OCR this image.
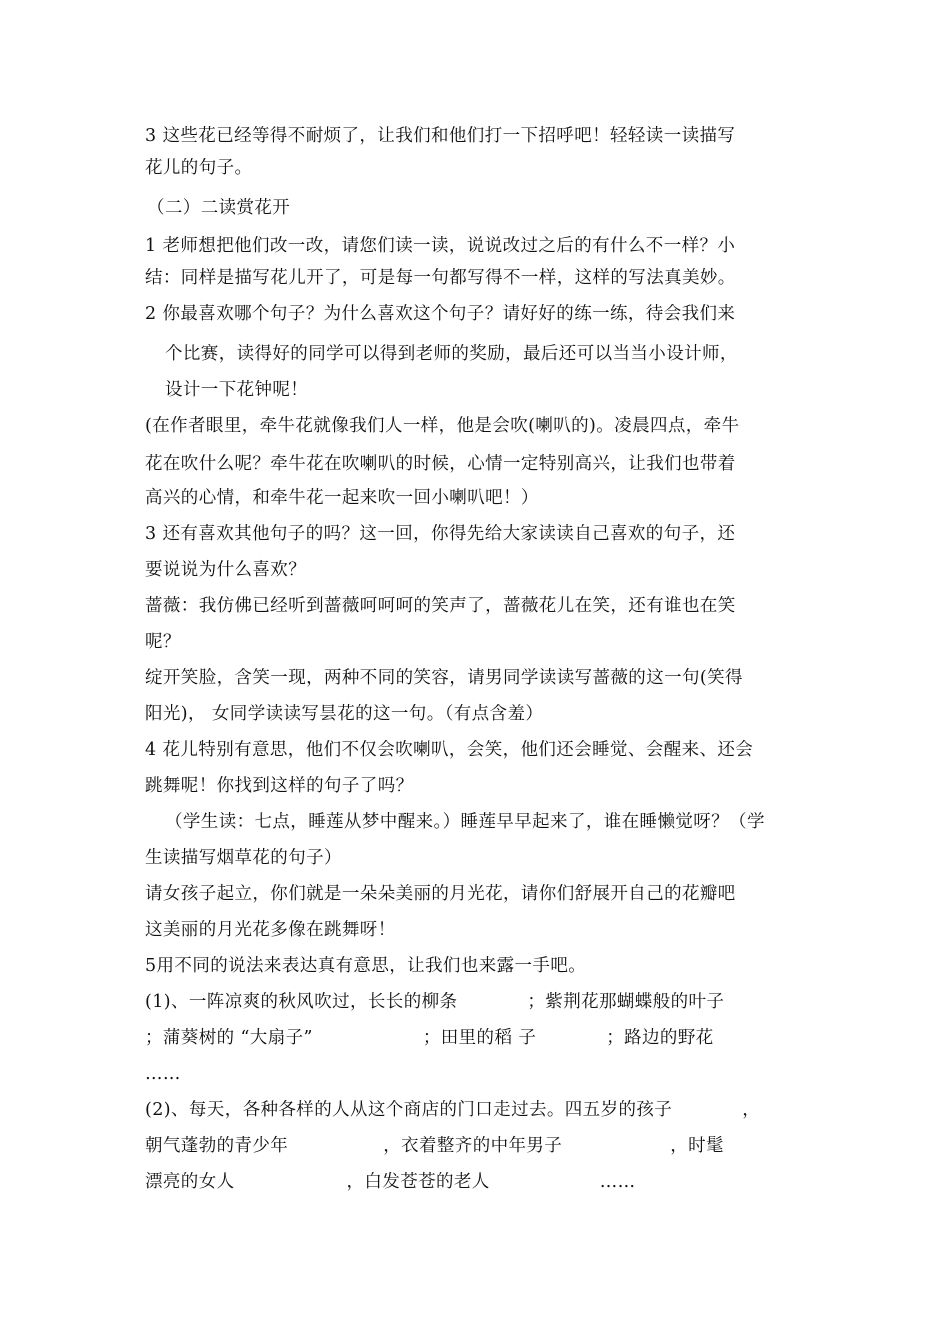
3 这些花已经等得不耐烦了，让我们和他们打一下招呼吧！轻轻读一读描写
花儿的句子。
（二）二读赏花开
1 老师想把他们改一改，请您们读一读，说说改过之后的有什么不一样？小
结：同样是描写花儿开了，可是每一句都写得不一样，这样的写法真美妙。
2 你最喜欢哪个句子？为什么喜欢这个句子？请好好的练一练，待会我们来
个比赛，读得好的同学可以得到老师的奖励，最后还可以当当小设计师，
设计一下花钟呢！
(在作者眼里，牵牛花就像我们人一样，他是会吹(喇叭的)。凌晨四点，牵牛
花在吹什么呢？牵牛花在吹喇叭的时候，心情一定特别高兴，让我们也带着
高兴的心情，和牵牛花一起来吹一回小喇叭吧！）
3 还有喜欢其他句子的吗？这一回，你得先给大家读读自己喜欢的句子，还
要说说为什么喜欢？
蔷薇：我仿佛已经听到蔷薇呵呵呵的笑声了，蔷薇花儿在笑，还有谁也在笑
呢？
绽开笑脸，含笑一现，两种不同的笑容，请男同学读读写蔷薇的这一句(笑得
阳光)， 女同学读读写昙花的这一句。（有点含羞）
4 花儿特别有意思，他们不仅会吹喇叭，会笑，他们还会睡觉、会醒来、还会
跳舞呢！你找到这样的句子了吗？
（学生读：七点，睡莲从梦中醒来。）睡莲早早起来了，谁在睡懒觉呀？（学
生读描写烟草花的句子）
请女孩子起立，你们就是一朵朵美丽的月光花，请你们舒展开自己的花瓣吧
这美丽的月光花多像在跳舞呀！
5用不同的说法来表达真有意思，让我们也来露一手吧。
(1)、一阵凉爽的秋风吹过，长长的柳条	；紫荆花那蝴蝶般的叶子
；蒲葵树的 “大扇子”	；田里的稻 子	；路边的野花
……
(2)、每天，各种各样的人从这个商店的门口走过去。四五岁的孩子	，
朝气蓬勃的青少年	，衣着整齐的中年男子	，时髦
漂亮的女人	，白发苍苍的老人	……
